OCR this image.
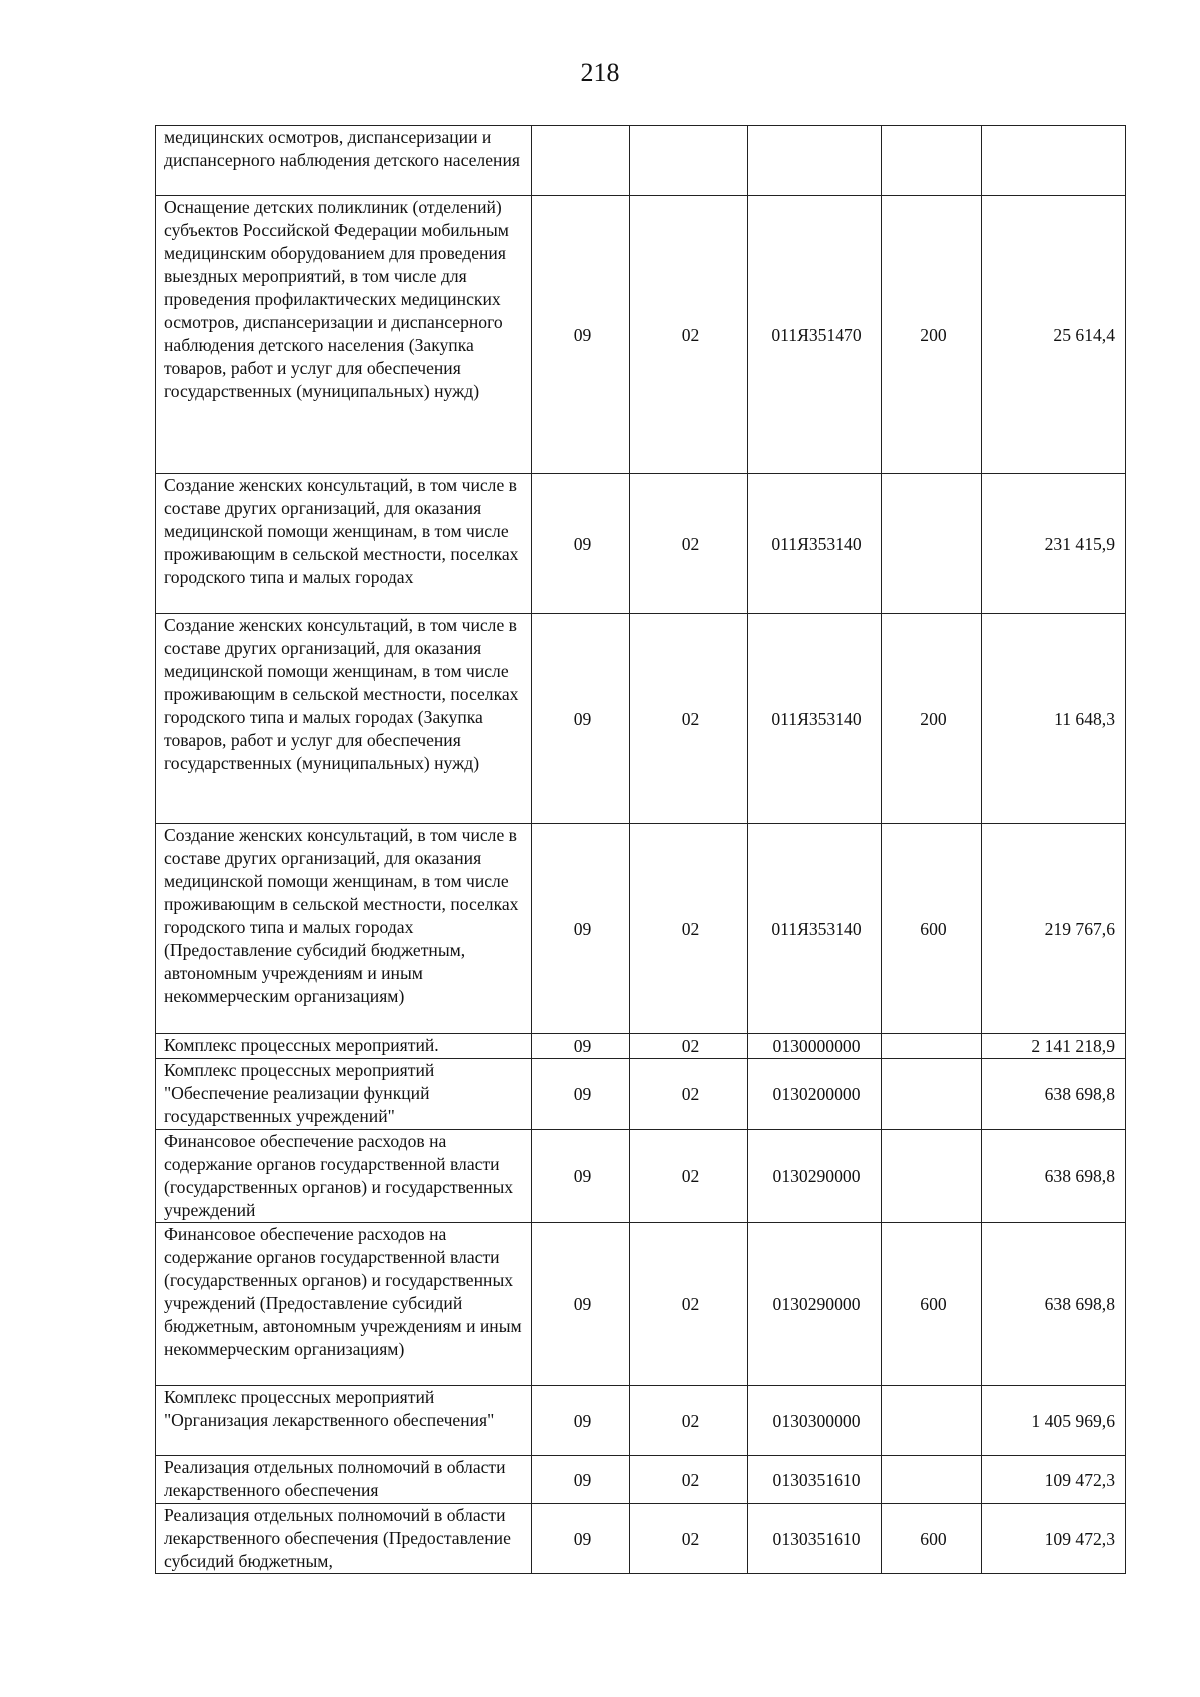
218
медицинских осмотров, диспансеризации и диспансерного наблюдения детского населения					
Оснащение детских поликлиник (отделений) субъектов Российской Федерации мобильным медицинским оборудованием для проведения выездных мероприятий, в том числе для проведения профилактических медицинских осмотров, диспансеризации и диспансерного наблюдения детского населения (Закупка товаров, работ и услуг для обеспечения государственных (муниципальных) нужд)	09	02	011Я351470	200	25 614,4
Создание женских консультаций, в том числе в составе других организаций, для оказания медицинской помощи женщинам, в том числе проживающим в сельской местности, поселках городского типа и малых городах	09	02	011Я353140		231 415,9
Создание женских консультаций, в том числе в составе других организаций, для оказания медицинской помощи женщинам, в том числе проживающим в сельской местности, поселках городского типа и малых городах (Закупка товаров, работ и услуг для обеспечения государственных (муниципальных) нужд)	09	02	011Я353140	200	11 648,3
Создание женских консультаций, в том числе в составе других организаций, для оказания медицинской помощи женщинам, в том числе проживающим в сельской местности, поселках городского типа и малых городах (Предоставление субсидий бюджетным, автономным учреждениям и иным некоммерческим организациям)	09	02	011Я353140	600	219 767,6
Комплекс процессных мероприятий.	09	02	0130000000		2 141 218,9
Комплекс процессных мероприятий "Обеспечение реализации функций государственных учреждений"	09	02	0130200000		638 698,8
Финансовое обеспечение расходов на содержание органов государственной власти (государственных органов) и государственных учреждений	09	02	0130290000		638 698,8
Финансовое обеспечение расходов на содержание органов государственной власти (государственных органов) и государственных учреждений (Предоставление субсидий бюджетным, автономным учреждениям и иным некоммерческим организациям)	09	02	0130290000	600	638 698,8
Комплекс процессных мероприятий "Организация лекарственного обеспечения"	09	02	0130300000		1 405 969,6
Реализация отдельных полномочий в области лекарственного обеспечения	09	02	0130351610		109 472,3
Реализация отдельных полномочий в области лекарственного обеспечения (Предоставление субсидий бюджетным,	09	02	0130351610	600	109 472,3
